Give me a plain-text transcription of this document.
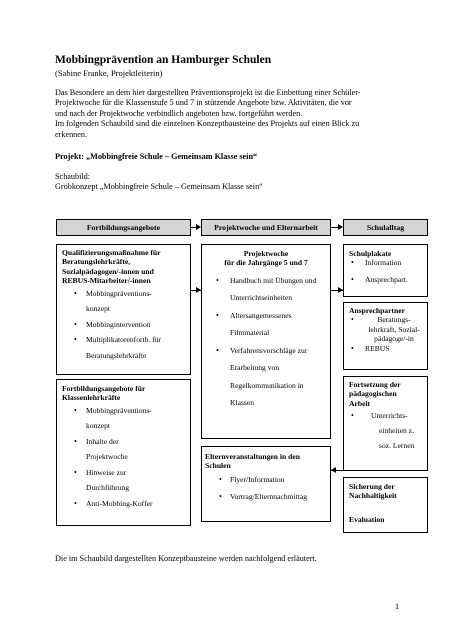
Mobbingprävention an Hamburger Schulen
(Sabine Franke, Projektleiterin)
Das Besondere an dem hier dargestellten Präventionsprojekt ist die Einbettung einer Schüler-
Projektwoche für die Klassenstufe 5 und 7 in stützende Angebote bzw. Aktivitäten, die vor
und nach der Projektwoche verbindlich angeboten bzw. fortgeführt werden.
Im folgenden Schaubild sind die einzelnen Konzeptbausteine des Projekts auf einen Blick zu
erkennen.
Projekt: „Mobbingfreie Schule – Gemeinsam Klasse sein“
Schaubild:
Grobkonzept „Mobbingfreie Schule – Gemeinsam Klasse sein“
Fortbildungsangebote	Projektwoche und Elternarbeit	Schulalltag
Qualifizierungsmaßnahme für
Beratungslehrkräfte,
Sozialpädagogen/-innen und
REBUS-Mitarbeiter/-innen
• Mobbingpräventions-
konzept
• Mobbingintervention
• Multiplikatorenfortb. für
Beratungslehrkräfte
Fortbildungsangebote für
Klassenlehrkräfte
• Mobbingpräventions-
konzept
• Inhalte der
Projektwoche
• Hinweise zur
Durchführung
• Anti-Mobbing-Koffer
Projektwoche
für die Jahrgänge 5 und 7
• Handbuch mit Übungen und
Unterrichtseinheiten
• Altersangemessenes
Filmmaterial
• Verfahrensvorschläge zur
Erarbeitung von
Regelkommunikation in
Klassen
Elternveranstaltungen in den
Schulen
• Flyer/Information
• Vortrag/Elternnachmittag
Schulplakate
• Information
• Ansprechpart.
Ansprechpartner
• Beratungs-
lehrkraft, Sozial-
pädagoge/-in
• REBUS
Fortsetzung der
pädagogischen
Arbeit
• Unterrichts-
einheiten z.
soz. Lernen
Sicherung der
Nachhaltigkeit
Evaluation
Die im Schaubild dargestellten Konzeptbausteine werden nachfolgend erläutert.
1
